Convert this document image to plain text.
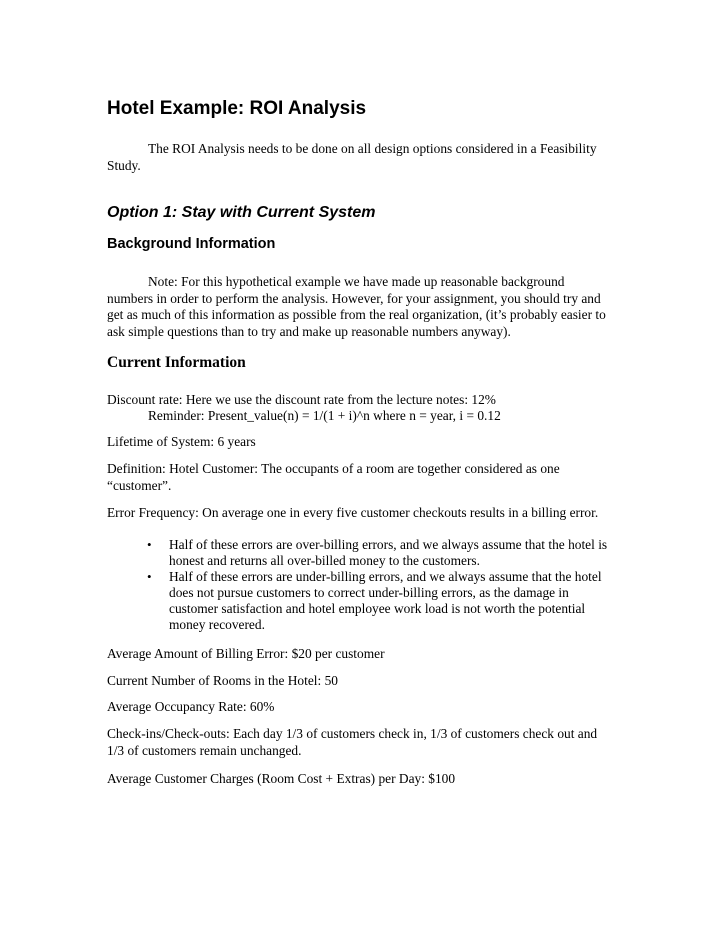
Hotel Example: ROI Analysis
The ROI Analysis needs to be done on all design options considered in a Feasibility Study.
Option 1: Stay with Current System
Background Information
Note: For this hypothetical example we have made up reasonable background numbers in order to perform the analysis. However, for your assignment, you should try and get as much of this information as possible from the real organization, (it’s probably easier to ask simple questions than to try and make up reasonable numbers anyway).
Current Information
Discount rate: Here we use the discount rate from the lecture notes: 12%
Reminder: Present_value(n) = 1/(1 + i)^n where n = year, i = 0.12
Lifetime of System: 6 years
Definition: Hotel Customer: The occupants of a room are together considered as one “customer”.
Error Frequency: On average one in every five customer checkouts results in a billing error.
• Half of these errors are over-billing errors, and we always assume that the hotel is honest and returns all over-billed money to the customers.
• Half of these errors are under-billing errors, and we always assume that the hotel does not pursue customers to correct under-billing errors, as the damage in customer satisfaction and hotel employee work load is not worth the potential money recovered.
Average Amount of Billing Error: $20 per customer
Current Number of Rooms in the Hotel: 50
Average Occupancy Rate: 60%
Check-ins/Check-outs: Each day 1/3 of customers check in, 1/3 of customers check out and 1/3 of customers remain unchanged.
Average Customer Charges (Room Cost + Extras) per Day: $100
